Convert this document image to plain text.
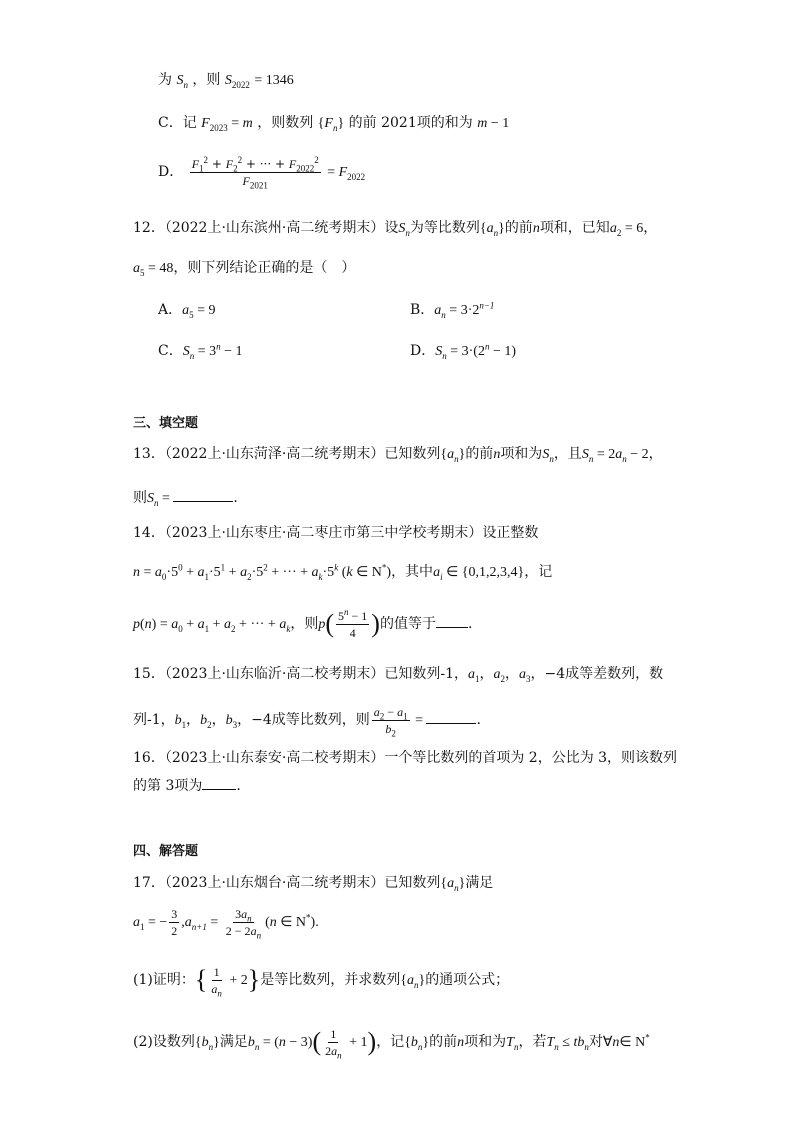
为 $S_n$ ，则 $S_{2022} = 1346$
C．记 $F_{2023} = m$ ，则数列 $\{F_n\}$ 的前 2021项的和为 m − 1
D． $\frac{F_1^2 + F_2^2 + \cdot\cdot\cdot + F_{2022}^2}{F_{2021}} = F_{2022}$
12．（2022上·山东滨州·高二统考期末）设$S_n$为等比数列$\{a_n\}$的前n项和，已知$a_2 = 6$，
$a_5 = 48$，则下列结论正确的是（　）
A．$a_5 = 9$	B．$a_n = 3\cdot 2^{n-1}$
C．$S_n = 3^n - 1$	D．$S_n = 3\cdot(2^n - 1)$
三、填空题
13．（2022上·山东菏泽·高二统考期末）已知数列$\{a_n\}$的前n项和为$S_n$，且$S_n = 2a_n - 2$，
则$S_n$ =	.
14．（2023上·山东枣庄·高二枣庄市第三中学校考期末）设正整数
$n = a_0\cdot 5^0 + a_1\cdot 5^1 + a_2\cdot 5^2$ + ··· + $a_k\cdot 5^k$ (k ∈ N*)，其中$a_i$ ∈ {0,1,2,3,4}，记
$p(n) = a_0 + a_1 + a_2$ + ··· + $a_k$，则$p( \frac{5^n - 1}{4}$ )的值等于 .
15．（2023上·山东临沂·高二校考期末）已知数列-1，$a_1$，$a_2$，$a_3$，−4成等差数列，数
列-1，$b_1$，$b_2$，$b_3$，−4成等比数列，则 $\frac{a_2 - a_1}{b_2}$ =	.
16．（2023上·山东泰安·高二校考期末）一个等比数列的首项为 2，公比为 3，则该数列
的第 3项为 .
四、解答题
17．（2023上·山东烟台·高二统考期末）已知数列$\{a_n\}$满足
$a_1$ = − $\frac{3}{2} ,a_{n+1} = \frac{3a_n}{2 - 2a_n} (n$ ∈ N*).
(1)证明：{ $\frac{1}{a_n} + 2$}是等比数列，并求数列$\{a_n\}$的通项公式；
(2)设数列$\{b_n\}$满足$b_n = (n - 3)( \frac{1}{2a_n} + 1)$，记$\{b_n\}$的前n项和为$T_n$，若$T_n \le tb_n$对∀n∈ N*
